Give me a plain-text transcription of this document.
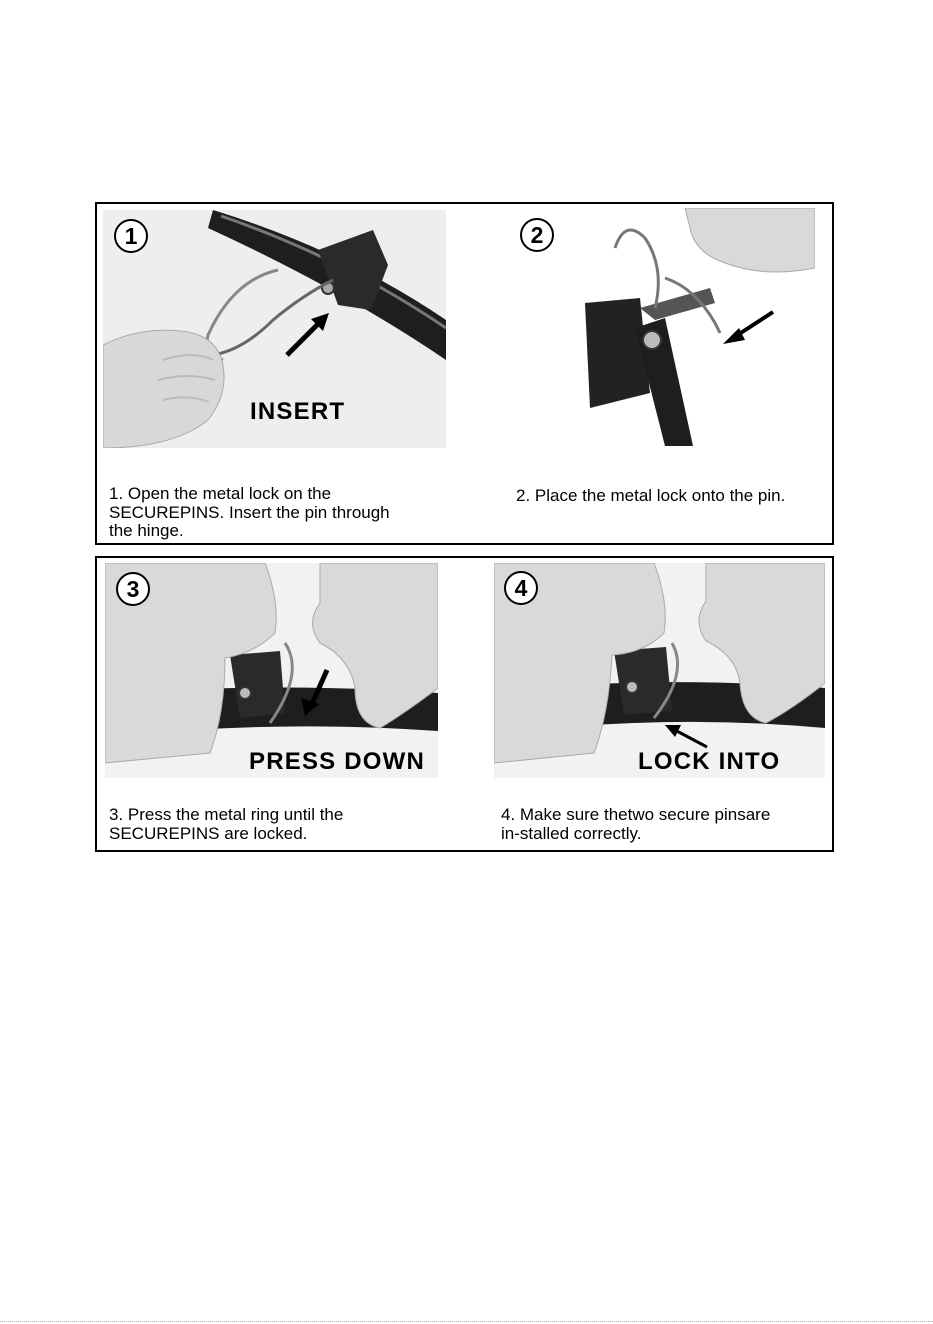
1
INSERT
2
1. Open the metal lock on the
SECUREPINS. Insert the pin through
the hinge.
2. Place the metal lock onto the pin.
3
PRESS DOWN
4
LOCK INTO
3. Press the metal ring until the
SECUREPINS are locked.
4. Make sure thetwo secure pinsare
in-stalled correctly.
